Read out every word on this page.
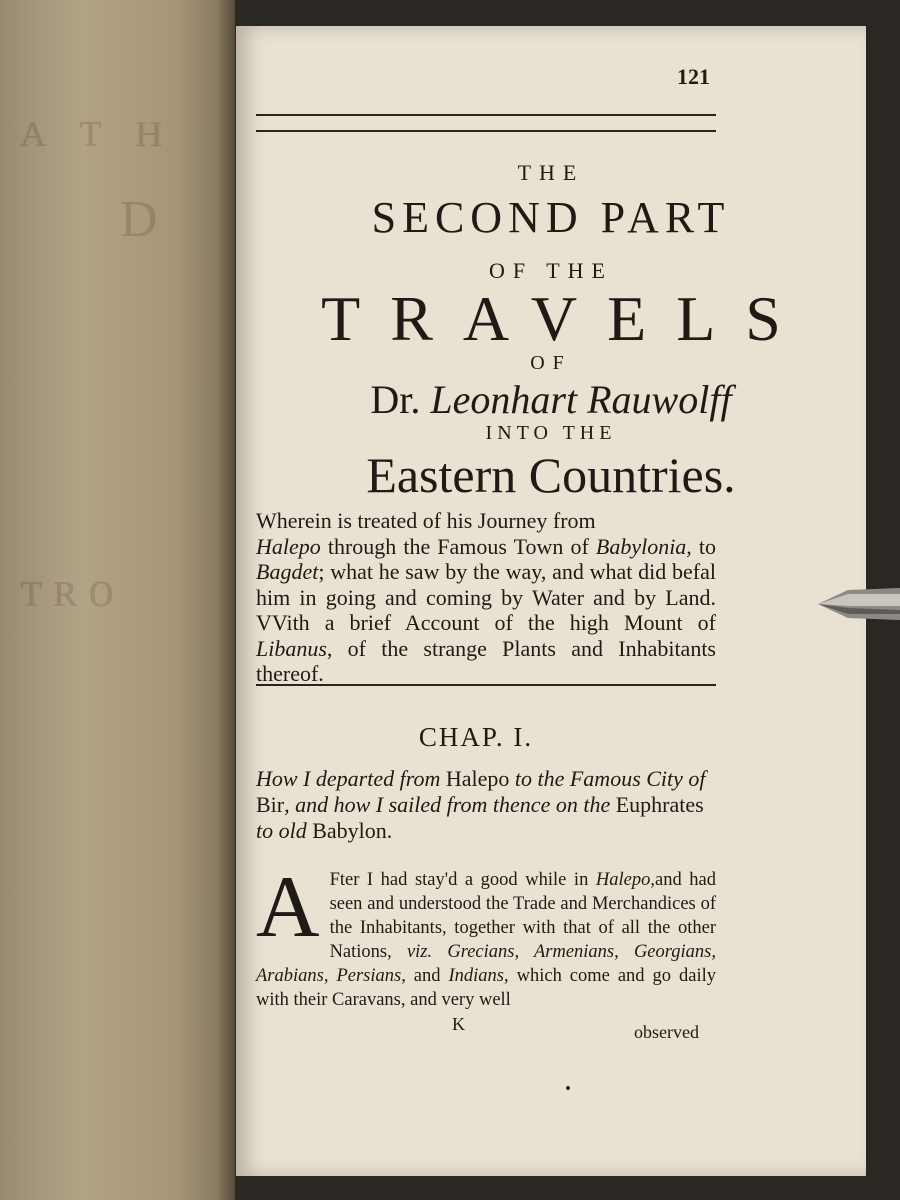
ᴀ ᴛ ʜ
D
ᴛʀᴏ
121
THE
SECOND PART
OF THE
TRAVELS
OF
Dr. Leonhart Rauwolff
INTO THE
Eastern Countries.
Wherein is treated of his Journey from
Halepo through the Famous Town of Babylonia, to Bagdet; what he saw by the way, and what did befal him in going and coming by Water and by Land. VVith a brief Account of the high Mount of Libanus, of the strange Plants and Inhabitants thereof.
CHAP. I.
How I departed from Halepo to the Famous City of Bir, and how I sailed from thence on the Euphrates to old Babylon.
A Fter I had stay'd a good while in Halepo,and had seen and understood the Trade and Merchandices of the Inhabitants, together with that of all the other Nations, viz. Grecians, Armenians, Georgians, Arabians, Persians, and Indians, which come and go daily with their Caravans, and very well
K	observed
